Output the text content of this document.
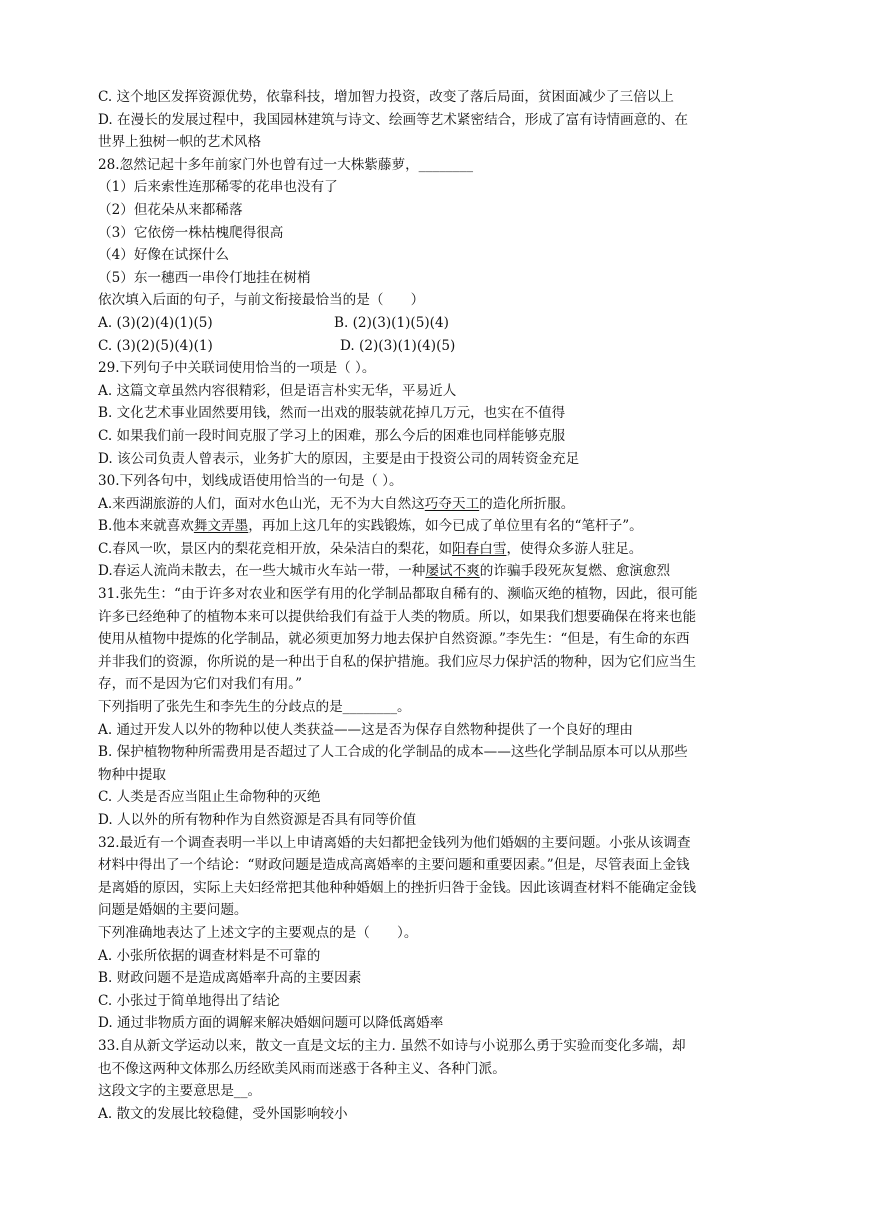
C. 这个地区发挥资源优势，依靠科技，增加智力投资，改变了落后局面，贫困面减少了三倍以上
D. 在漫长的发展过程中，我国园林建筑与诗文、绘画等艺术紧密结合，形成了富有诗情画意的、在
世界上独树一帜的艺术风格
28.忽然记起十多年前家门外也曾有过一大株紫藤萝，________
（1）后来索性连那稀零的花串也没有了
（2）但花朵从来都稀落
（3）它依傍一株枯槐爬得很高
（4）好像在试探什么
（5）东一穗西一串伶仃地挂在树梢
依次填入后面的句子，与前文衔接最恰当的是（　　）
A. (3)(2)(4)(1)(5)	B. (2)(3)(1)(5)(4)
C. (3)(2)(5)(4)(1)	D. (2)(3)(1)(4)(5)
29.下列句子中关联词使用恰当的一项是（ ）。
A. 这篇文章虽然内容很精彩，但是语言朴实无华，平易近人
B. 文化艺术事业固然要用钱，然而一出戏的服装就花掉几万元，也实在不值得
C. 如果我们前一段时间克服了学习上的困难，那么今后的困难也同样能够克服
D. 该公司负责人曾表示，业务扩大的原因，主要是由于投资公司的周转资金充足
30.下列各句中，划线成语使用恰当的一句是（ ）。
A.来西湖旅游的人们，面对水色山光，无不为大自然这巧夺天工的造化所折服。
B.他本来就喜欢舞文弄墨，再加上这几年的实践锻炼，如今已成了单位里有名的“笔杆子”。
C.春风一吹，景区内的梨花竞相开放，朵朵洁白的梨花，如阳春白雪，使得众多游人驻足。
D.春运人流尚未散去，在一些大城市火车站一带，一种屡试不爽的诈骗手段死灰复燃、愈演愈烈
31.张先生：“由于许多对农业和医学有用的化学制品都取自稀有的、濒临灭绝的植物，因此，很可能
许多已经绝种了的植物本来可以提供给我们有益于人类的物质。所以，如果我们想要确保在将来也能
使用从植物中提炼的化学制品，就必须更加努力地去保护自然资源。”李先生：“但是，有生命的东西
并非我们的资源，你所说的是一种出于自私的保护措施。我们应尽力保护活的物种，因为它们应当生
存，而不是因为它们对我们有用。”
下列指明了张先生和李先生的分歧点的是________。
A. 通过开发人以外的物种以使人类获益——这是否为保存自然物种提供了一个良好的理由
B. 保护植物物种所需费用是否超过了人工合成的化学制品的成本——这些化学制品原本可以从那些
物种中提取
C. 人类是否应当阻止生命物种的灭绝
D. 人以外的所有物种作为自然资源是否具有同等价值
32.最近有一个调查表明一半以上申请离婚的夫妇都把金钱列为他们婚姻的主要问题。小张从该调查
材料中得出了一个结论：“财政问题是造成高离婚率的主要问题和重要因素。”但是，尽管表面上金钱
是离婚的原因，实际上夫妇经常把其他种种婚姻上的挫折归咎于金钱。因此该调查材料不能确定金钱
问题是婚姻的主要问题。
下列准确地表达了上述文字的主要观点的是（　　）。
A. 小张所依据的调查材料是不可靠的
B. 财政问题不是造成离婚率升高的主要因素
C. 小张过于简单地得出了结论
D. 通过非物质方面的调解来解决婚姻问题可以降低离婚率
33.自从新文学运动以来，散文一直是文坛的主力. 虽然不如诗与小说那么勇于实验而变化多端，却
也不像这两种文体那么历经欧美风雨而迷惑于各种主义、各种门派。
这段文字的主要意思是__。
A. 散文的发展比较稳健，受外国影响较小
